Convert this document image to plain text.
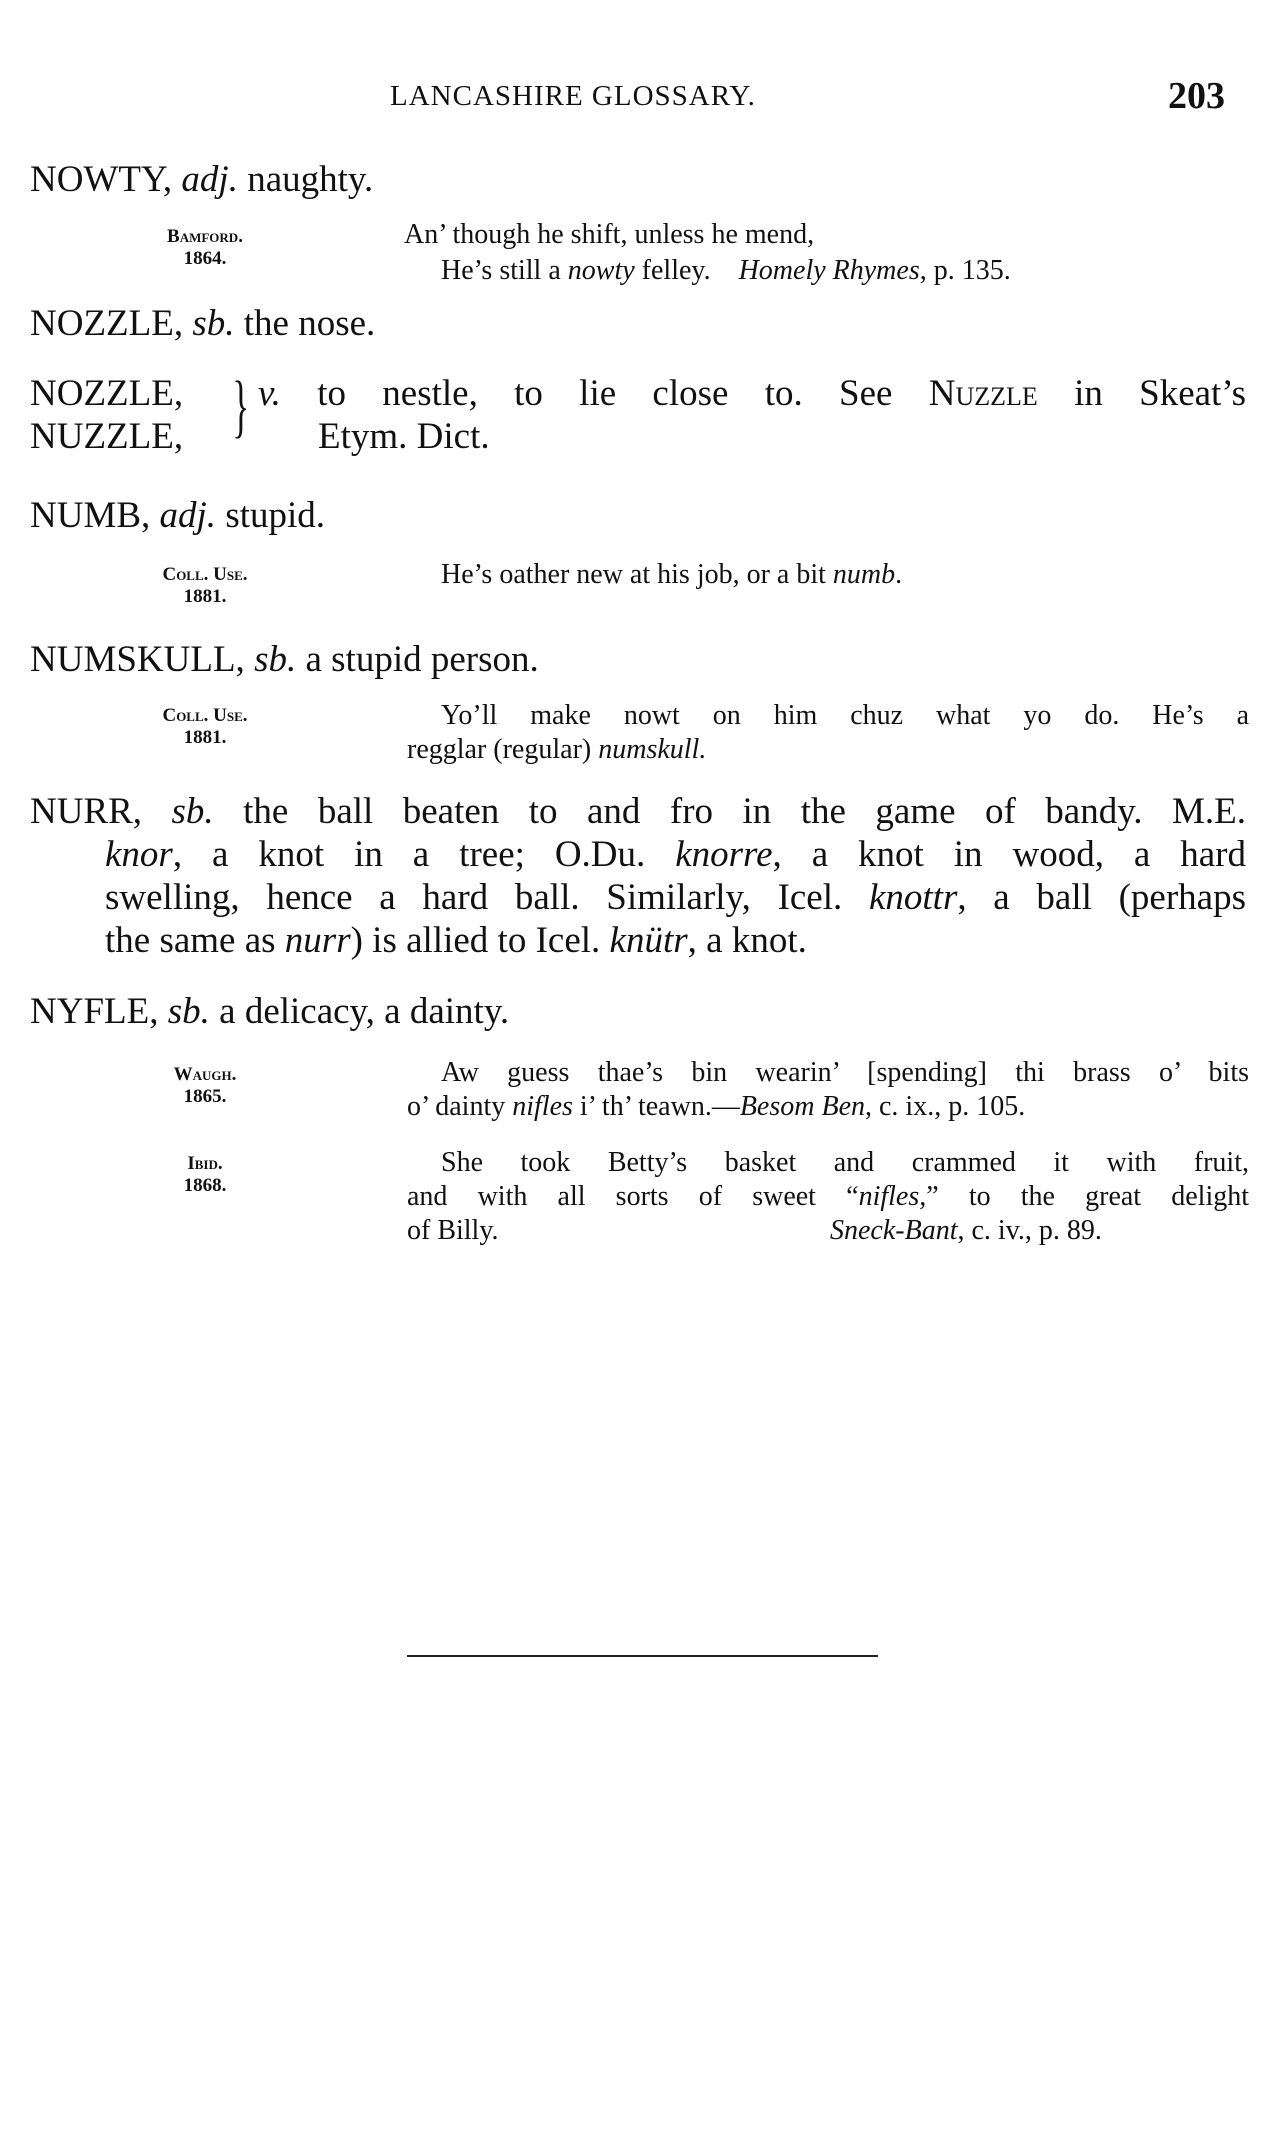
LANCASHIRE GLOSSARY.	203
NOWTY, adj. naughty.
Bamford.
1864.
An’ though he shift, unless he mend,
He’s still a nowty felley. Homely Rhymes, p. 135.
NOZZLE, sb. the nose.
NOZZLE,
NUZZLE, } v. to nestle, to lie close to. See Nuzzle in Skeat’s
Etym. Dict.
NUMB, adj. stupid.
Coll. Use.
1881.
He’s oather new at his job, or a bit numb.
NUMSKULL, sb. a stupid person.
Coll. Use.
1881.
Yo’ll make nowt on him chuz what yo do. He’s a
regglar (regular) numskull.
NURR, sb. the ball beaten to and fro in the game of bandy. M.E.
knor, a knot in a tree; O.Du. knorre, a knot in wood, a hard
swelling, hence a hard ball. Similarly, Icel. knottr, a ball (perhaps
the same as nurr) is allied to Icel. knütr, a knot.
NYFLE, sb. a delicacy, a dainty.
Waugh.
1865.
Aw guess thae’s bin wearin’ [spending] thi brass o’ bits
o’ dainty nifles i’ th’ teawn.—Besom Ben, c. ix., p. 105.
Ibid.
1868.
She took Betty’s basket and crammed it with fruit,
and with all sorts of sweet “nifles,” to the great delight
of Billy.	Sneck-Bant, c. iv., p. 89.
